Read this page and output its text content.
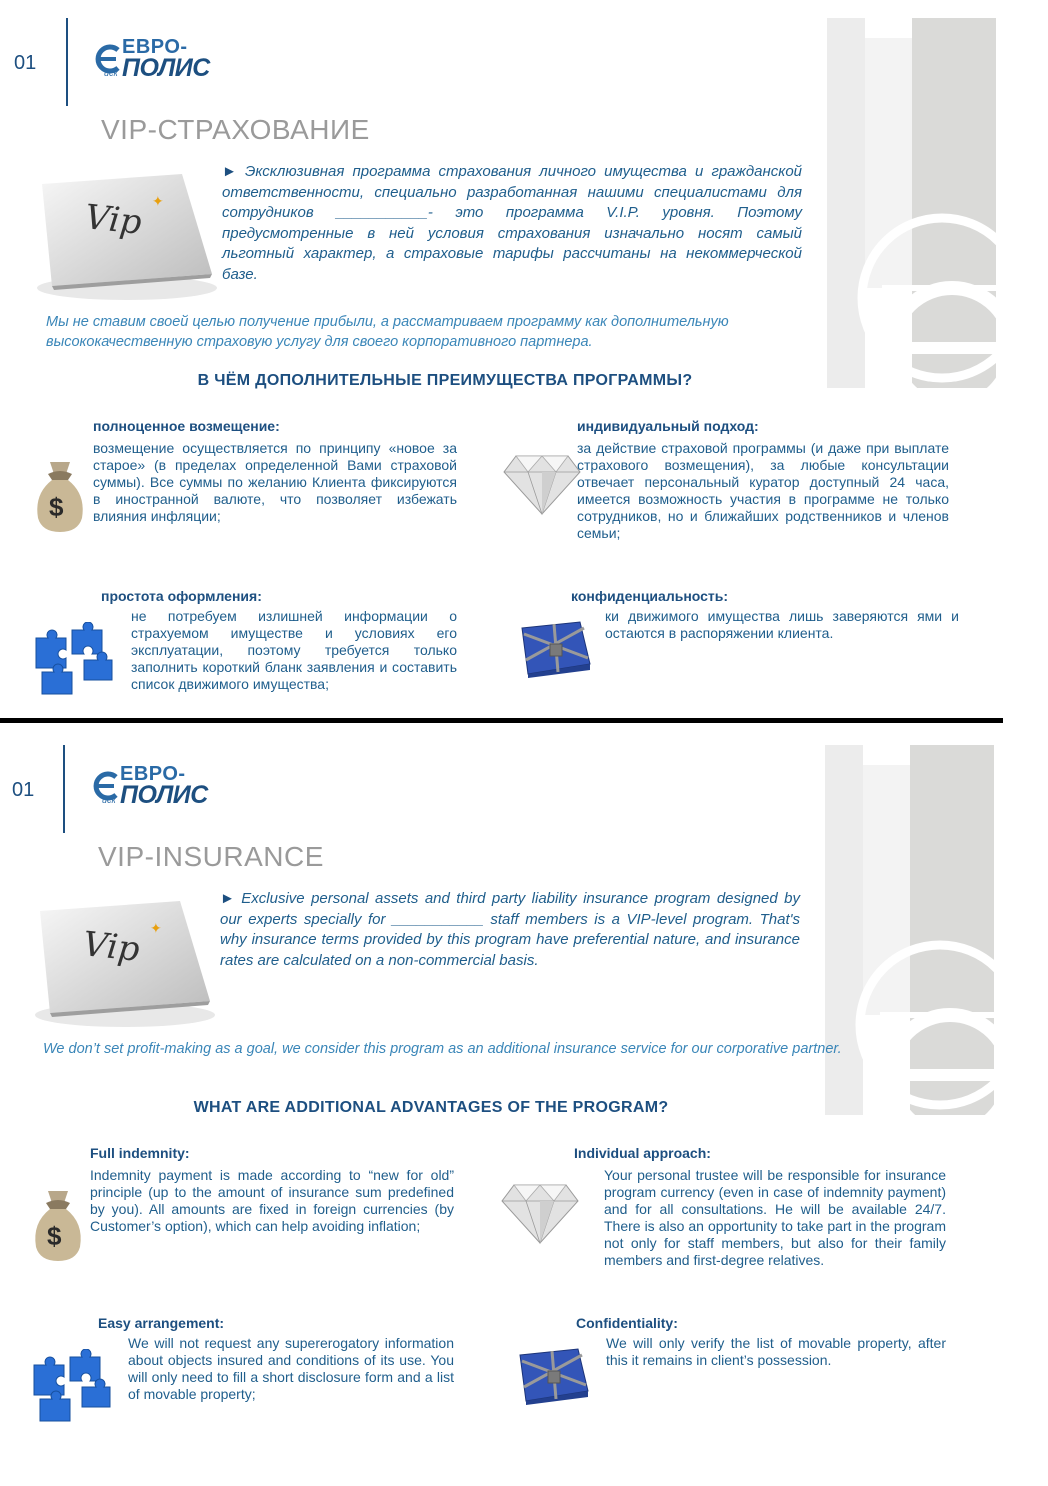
01
ЕВРО-
иск ПОЛИС
VIP-СТРАХОВАНИЕ
Vip ✦
► Эксклюзивная программа страхования личного имущества и гражданской ответственности, специально разработанная нашими специалистами для сотрудников ___________- это программа V.I.P. уровня. Поэтому предусмотренные в ней условия страхования изначально носят самый льготный характер, а страховые тарифы рассчитаны на некоммерческой базе.
Мы не ставим своей целью получение прибыли, а рассматриваем программу как дополнительную высококачественную страховую услугу для своего корпоративного партнера.
В ЧЁМ ДОПОЛНИТЕЛЬНЫЕ ПРЕИМУЩЕСТВА ПРОГРАММЫ?
полноценное возмещение:
$
возмещение осуществляется по принципу «новое за старое» (в пределах определенной Вами страховой суммы). Все суммы по желанию Клиента фиксируются в иностранной валюте, что позволяет избежать влияния инфляции;
индивидуальный подход:
за действие страховой программы (и даже при выплате страхового возмещения), за любые консультации отвечает персональный куратор доступный 24 часа, имеется возможность участия в программе не только сотрудников, но и ближайших родственников и членов семьи;
простота оформления:
не потребуем излишней информации о страхуемом имуществе и условиях его эксплуатации, поэтому требуется только заполнить короткий бланк заявления и составить список движимого имущества;
конфиденциальность:
ки движимого имущества лишь заверяются ями и остаются в распоряжении клиента.
01
ЕВРО-
иск ПОЛИС
VIP-INSURANCE
Vip ✦
► Exclusive personal assets and third party liability insurance program designed by our experts specially for ___________ staff members is a VIP-level program. That's why insurance terms provided by this program have preferential nature, and insurance rates are calculated on a non-commercial basis.
We don’t set profit-making as a goal, we consider this program as an additional insurance service for our corporative partner.
WHAT ARE ADDITIONAL ADVANTAGES OF THE PROGRAM?
Full indemnity:
$
Indemnity payment is made according to “new for old” principle (up to the amount of insurance sum predefined by you). All amounts are fixed in foreign currencies (by Customer’s option), which can help avoiding inflation;
Individual approach:
Your personal trustee will be responsible for insurance program currency (even in case of indemnity payment) and for all consultations. He will be available 24/7. There is also an opportunity to take part in the program not only for staff members, but also for their family members and first-degree relatives.
Easy arrangement:
We will not request any supererogatory information about objects insured and conditions of its use. You will only need to fill a short disclosure form and a list of movable property;
Confidentiality:
We will only verify the list of movable property, after this it remains in client’s possession.
